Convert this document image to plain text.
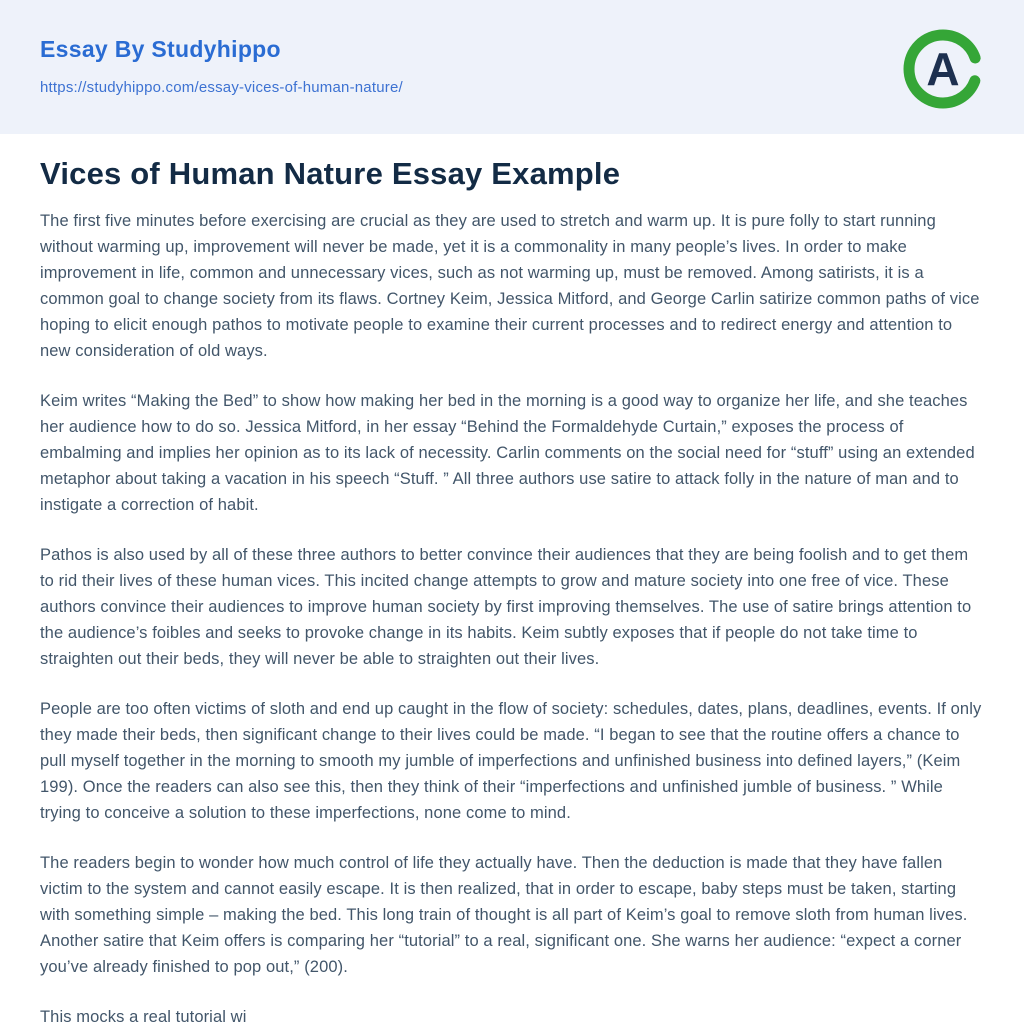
Essay By Studyhippo
https://studyhippo.com/essay-vices-of-human-nature/	A
Vices of Human Nature Essay Example

The first five minutes before exercising are crucial as they are used to stretch and warm up. It is pure folly to start running without warming up, improvement will never be made, yet it is a commonality in many people’s lives. In order to make improvement in life, common and unnecessary vices, such as not warming up, must be removed. Among satirists, it is a common goal to change society from its flaws. Cortney Keim, Jessica Mitford, and George Carlin satirize common paths of vice hoping to elicit enough pathos to motivate people to examine their current processes and to redirect energy and attention to new consideration of old ways.

Keim writes “Making the Bed” to show how making her bed in the morning is a good way to organize her life, and she teaches her audience how to do so. Jessica Mitford, in her essay “Behind the Formaldehyde Curtain,” exposes the process of embalming and implies her opinion as to its lack of necessity. Carlin comments on the social need for “stuff” using an extended metaphor about taking a vacation in his speech “Stuff. ” All three authors use satire to attack folly in the nature of man and to instigate a correction of habit.

Pathos is also used by all of these three authors to better convince their audiences that they are being foolish and to get them to rid their lives of these human vices. This incited change attempts to grow and mature society into one free of vice. These authors convince their audiences to improve human society by first improving themselves. The use of satire brings attention to the audience’s foibles and seeks to provoke change in its habits. Keim subtly exposes that if people do not take time to straighten out their beds, they will never be able to straighten out their lives.

People are too often victims of sloth and end up caught in the flow of society: schedules, dates, plans, deadlines, events. If only they made their beds, then significant change to their lives could be made. “I began to see that the routine offers a chance to pull myself together in the morning to smooth my jumble of imperfections and unfinished business into defined layers,” (Keim 199). Once the readers can also see this, then they think of their “imperfections and unfinished jumble of business. ” While trying to conceive a solution to these imperfections, none come to mind.

The readers begin to wonder how much control of life they actually have. Then the deduction is made that they have fallen victim to the system and cannot easily escape. It is then realized, that in order to escape, baby steps must be taken, starting with something simple – making the bed. This long train of thought is all part of Keim’s goal to remove sloth from human lives. Another satire that Keim offers is comparing her “tutorial” to a real, significant one. She warns her audience: “expect a corner you’ve already finished to pop out,” (200).

This mocks a real tutorial wi
